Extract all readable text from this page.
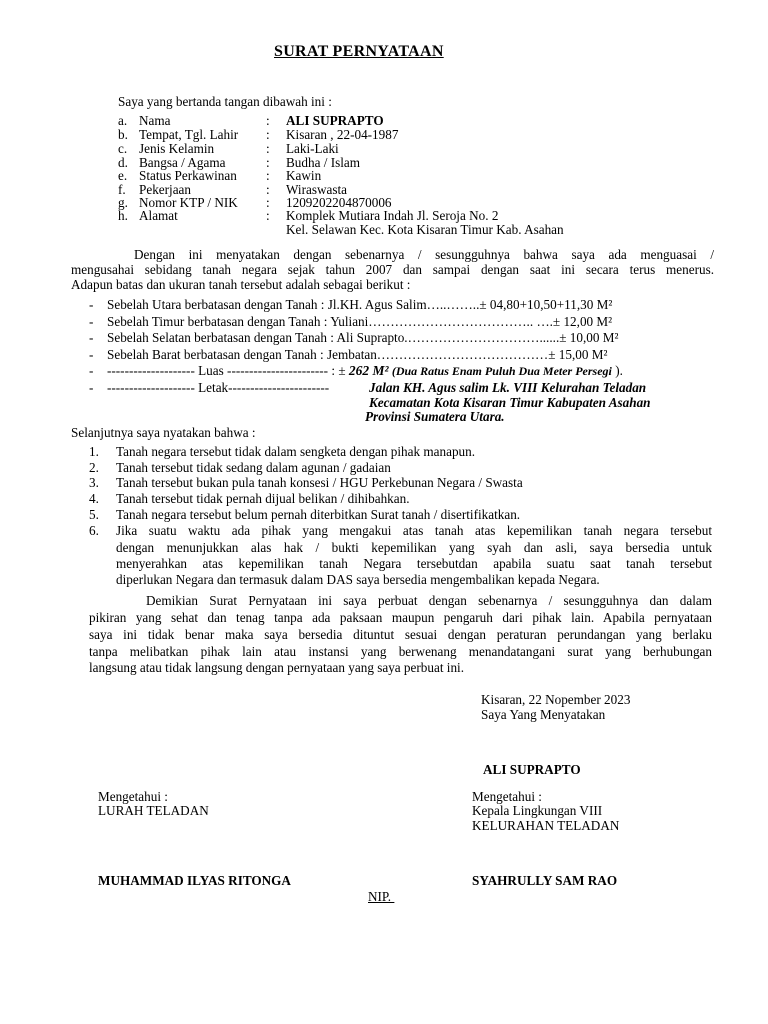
SURAT PERNYATAAN
Saya yang bertanda tangan dibawah ini :
a. Nama	: ALI SUPRAPTO
b. Tempat, Tgl. Lahir : Kisaran , 22-04-1987
c. Jenis Kelamin	: Laki-Laki
d. Bangsa / Agama	: Budha / Islam
e. Status Perkawinan : Kawin
f. Pekerjaan	: Wiraswasta
g. Nomor KTP / NIK : 1209202204870006
h. Alamat	: Komplek Mutiara Indah Jl. Seroja No. 2
Kel. Selawan Kec. Kota Kisaran Timur Kab. Asahan
Dengan ini menyatakan dengan sebenarnya / sesungguhnya bahwa saya ada menguasai /
mengusahai sebidang tanah negara sejak tahun 2007 dan sampai dengan saat ini secara terus menerus.
Adapun batas dan ukuran tanah tersebut adalah sebagai berikut :
- Sebelah Utara berbatasan dengan Tanah : Jl.KH. Agus Salim…..……..± 04,80+10,50+11,30 M²
- Sebelah Timur berbatasan dengan Tanah : Yuliani……………………………….. ….± 12,00 M²
- Sebelah Selatan berbatasan dengan Tanah : Ali Suprapto.…………………………......± 10,00 M²
- Sebelah Barat berbatasan dengan Tanah : Jembatan…………………………………± 15,00 M²
- -------------------- Luas ----------------------- : ± 262 M² (Dua Ratus Enam Puluh Dua Meter Persegi ).
- -------------------- Letak-----------------------	Jalan KH. Agus salim Lk. VIII Kelurahan Teladan
Kecamatan Kota Kisaran Timur Kabupaten Asahan
Provinsi Sumatera Utara.
Selanjutnya saya nyatakan bahwa :
1. Tanah negara tersebut tidak dalam sengketa dengan pihak manapun.
2. Tanah tersebut tidak sedang dalam agunan / gadaian
3. Tanah tersebut bukan pula tanah konsesi / HGU Perkebunan Negara / Swasta
4. Tanah tersebut tidak pernah dijual belikan / dihibahkan.
5. Tanah negara tersebut belum pernah diterbitkan Surat tanah / disertifikatkan.
6. Jika suatu waktu ada pihak yang mengakui atas tanah atas kepemilikan tanah negara tersebut
dengan menunjukkan alas hak / bukti kepemilikan yang syah dan asli, saya bersedia untuk
menyerahkan atas kepemilikan tanah Negara tersebutdan apabila suatu saat tanah tersebut
diperlukan Negara dan termasuk dalam DAS saya bersedia mengembalikan kepada Negara.
Demikian Surat Pernyataan ini saya perbuat dengan sebenarnya / sesungguhnya dan dalam
pikiran yang sehat dan tenag tanpa ada paksaan maupun pengaruh dari pihak lain. Apabila pernyataan
saya ini tidak benar maka saya bersedia dituntut sesuai dengan peraturan perundangan yang berlaku
tanpa melibatkan pihak lain atau instansi yang berwenang menandatangani surat yang berhubungan
langsung atau tidak langsung dengan pernyataan yang saya perbuat ini.
Kisaran, 22 Nopember 2023
Saya Yang Menyatakan
ALI SUPRAPTO
Mengetahui :
LURAH TELADAN
MUHAMMAD ILYAS RITONGA
Mengetahui :
Kepala Lingkungan VIII
KELURAHAN TELADAN
SYAHRULLY SAM RAO
NIP.
